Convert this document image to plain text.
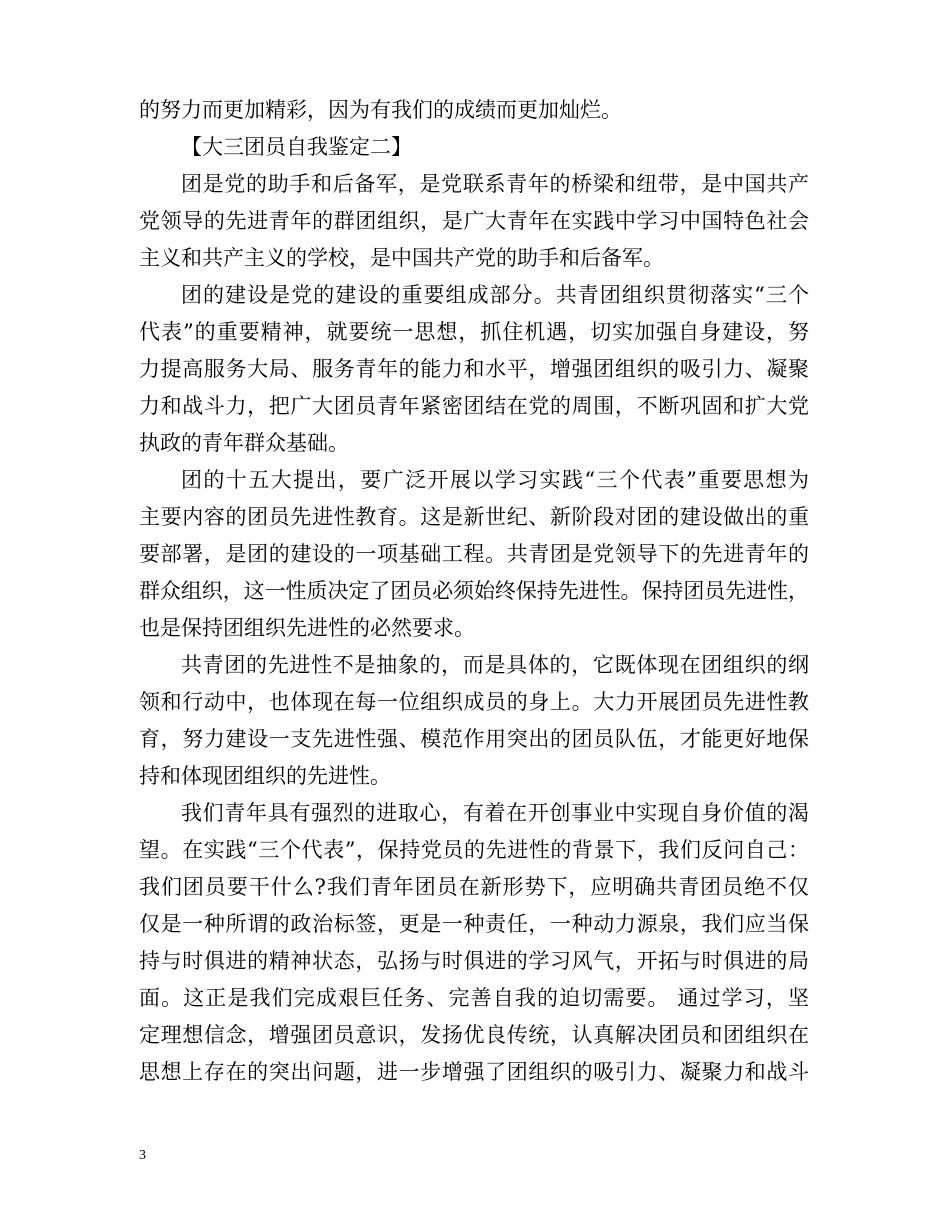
的努力而更加精彩，因为有我们的成绩而更加灿烂。
【大三团员自我鉴定二】
团是党的助手和后备军，是党联系青年的桥梁和纽带，是中国共产
党领导的先进青年的群团组织，是广大青年在实践中学习中国特色社会
主义和共产主义的学校，是中国共产党的助手和后备军。
团的建设是党的建设的重要组成部分。共青团组织贯彻落实“三个
代表”的重要精神，就要统一思想，抓住机遇，切实加强自身建设，努
力提高服务大局、服务青年的能力和水平，增强团组织的吸引力、凝聚
力和战斗力，把广大团员青年紧密团结在党的周围，不断巩固和扩大党
执政的青年群众基础。
团的十五大提出，要广泛开展以学习实践“三个代表”重要思想为
主要内容的团员先进性教育。这是新世纪、新阶段对团的建设做出的重
要部署，是团的建设的一项基础工程。共青团是党领导下的先进青年的
群众组织，这一性质决定了团员必须始终保持先进性。保持团员先进性，
也是保持团组织先进性的必然要求。
共青团的先进性不是抽象的，而是具体的，它既体现在团组织的纲
领和行动中，也体现在每一位组织成员的身上。大力开展团员先进性教
育，努力建设一支先进性强、模范作用突出的团员队伍，才能更好地保
持和体现团组织的先进性。
我们青年具有强烈的进取心，有着在开创事业中实现自身价值的渴
望。在实践“三个代表”，保持党员的先进性的背景下，我们反问自己：
我们团员要干什么?我们青年团员在新形势下，应明确共青团员绝不仅
仅是一种所谓的政治标签，更是一种责任，一种动力源泉，我们应当保
持与时俱进的精神状态，弘扬与时俱进的学习风气，开拓与时俱进的局
面。这正是我们完成艰巨任务、完善自我的迫切需要。 通过学习，坚
定理想信念，增强团员意识，发扬优良传统，认真解决团员和团组织在
思想上存在的突出问题，进一步增强了团组织的吸引力、凝聚力和战斗
3
